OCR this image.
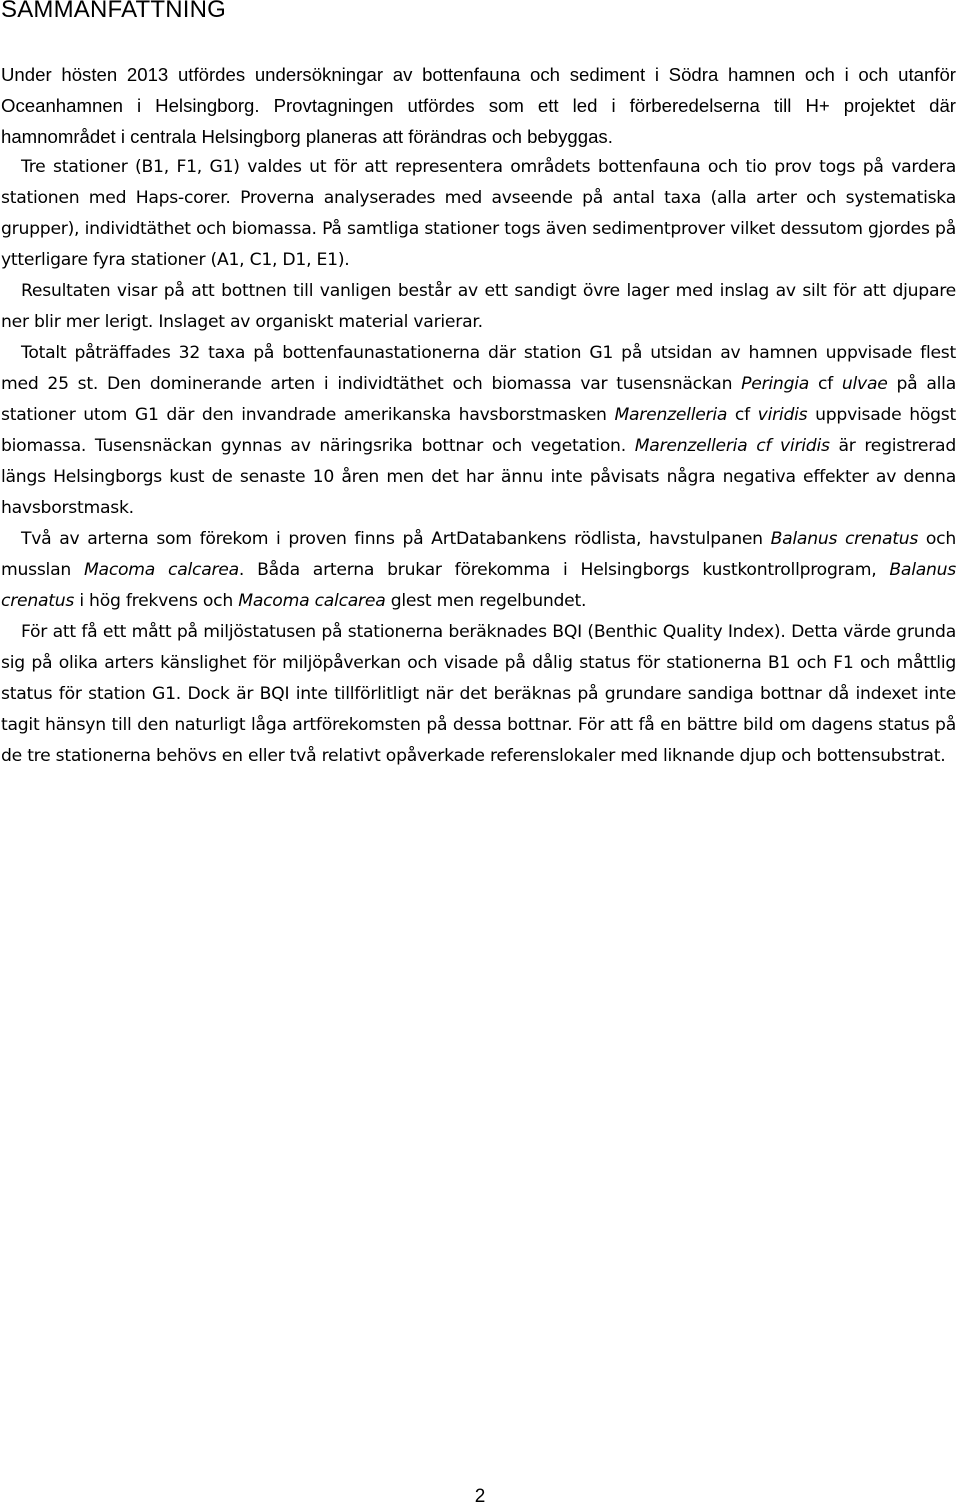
SAMMANFATTNING

Under hösten 2013 utfördes undersökningar av bottenfauna och sediment i Södra hamnen och i och utanför Oceanhamnen i Helsingborg. Provtagningen utfördes som ett led i förberedelserna till H+ projektet där hamnområdet i centrala Helsingborg planeras att förändras och bebyggas.

Tre stationer (B1, F1, G1) valdes ut för att representera områdets bottenfauna och tio prov togs på vardera stationen med Haps-corer. Proverna analyserades med avseende på antal taxa (alla arter och systematiska grupper), individtäthet och biomassa. På samtliga stationer togs även sedimentprover vilket dessutom gjordes på ytterligare fyra stationer (A1, C1, D1, E1).

Resultaten visar på att bottnen till vanligen består av ett sandigt övre lager med inslag av silt för att djupare ner blir mer lerigt. Inslaget av organiskt material varierar.

Totalt påträffades 32 taxa på bottenfaunastationerna där station G1 på utsidan av hamnen uppvisade flest med 25 st. Den dominerande arten i individtäthet och biomassa var tusensnäckan Peringia cf ulvae på alla stationer utom G1 där den invandrade amerikanska havsborstmasken Marenzelleria cf viridis uppvisade högst biomassa. Tusensnäckan gynnas av näringsrika bottnar och vegetation. Marenzelleria cf viridis är registrerad längs Helsingborgs kust de senaste 10 åren men det har ännu inte påvisats några negativa effekter av denna havsborstmask.

Två av arterna som förekom i proven finns på ArtDatabankens rödlista, havstulpanen Balanus crenatus och musslan Macoma calcarea. Båda arterna brukar förekomma i Helsingborgs kustkontrollprogram, Balanus crenatus i hög frekvens och Macoma calcarea glest men regelbundet.

För att få ett mått på miljöstatusen på stationerna beräknades BQI (Benthic Quality Index). Detta värde grunda sig på olika arters känslighet för miljöpåverkan och visade på dålig status för stationerna B1 och F1 och måttlig status för station G1. Dock är BQI inte tillförlitligt när det beräknas på grundare sandiga bottnar då indexet inte tagit hänsyn till den naturligt låga artförekomsten på dessa bottnar. För att få en bättre bild om dagens status på de tre stationerna behövs en eller två relativt opåverkade referenslokaler med liknande djup och bottensubstrat.

2
